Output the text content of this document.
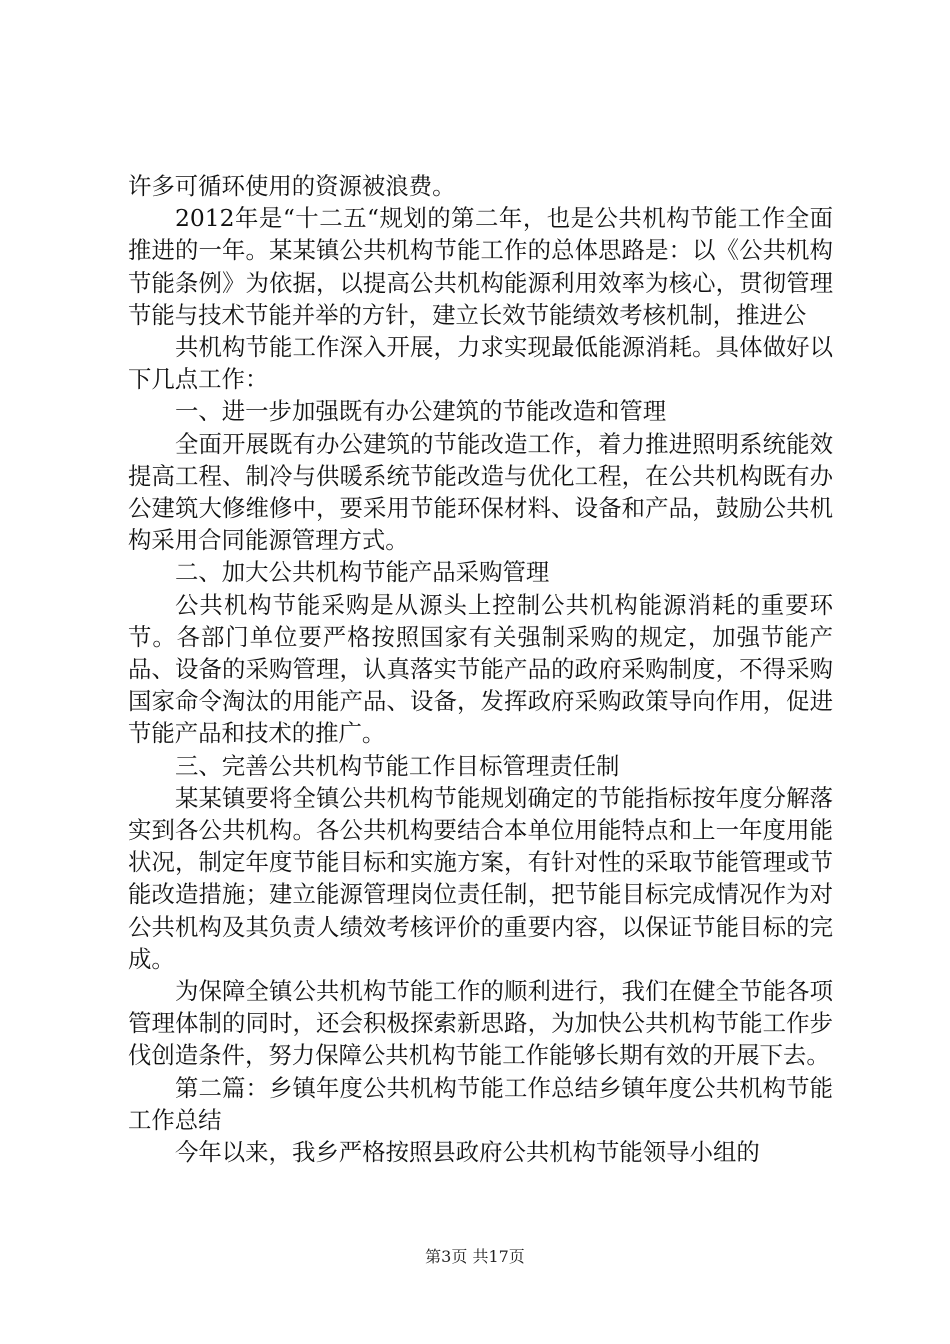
许多可循环使用的资源被浪费。

2012年是“十二五“规划的第二年，也是公共机构节能工作全面推进的一年。某某镇公共机构节能工作的总体思路是：以《公共机构节能条例》为依据，以提高公共机构能源利用效率为核心，贯彻管理节能与技术节能并举的方针，建立长效节能绩效考核机制，推进公

共机构节能工作深入开展，力求实现最低能源消耗。具体做好以下几点工作：

一、进一步加强既有办公建筑的节能改造和管理

全面开展既有办公建筑的节能改造工作，着力推进照明系统能效提高工程、制冷与供暖系统节能改造与优化工程，在公共机构既有办公建筑大修维修中，要采用节能环保材料、设备和产品，鼓励公共机构采用合同能源管理方式。

二、加大公共机构节能产品采购管理

公共机构节能采购是从源头上控制公共机构能源消耗的重要环节。各部门单位要严格按照国家有关强制采购的规定，加强节能产品、设备的采购管理，认真落实节能产品的政府采购制度，不得采购国家命令淘汰的用能产品、设备，发挥政府采购政策导向作用，促进节能产品和技术的推广。

三、完善公共机构节能工作目标管理责任制

某某镇要将全镇公共机构节能规划确定的节能指标按年度分解落实到各公共机构。各公共机构要结合本单位用能特点和上一年度用能状况，制定年度节能目标和实施方案，有针对性的采取节能管理或节能改造措施；建立能源管理岗位责任制，把节能目标完成情况作为对公共机构及其负责人绩效考核评价的重要内容，以保证节能目标的完成。

为保障全镇公共机构节能工作的顺利进行，我们在健全节能各项管理体制的同时，还会积极探索新思路，为加快公共机构节能工作步伐创造条件，努力保障公共机构节能工作能够长期有效的开展下去。

第二篇：乡镇年度公共机构节能工作总结乡镇年度公共机构节能工作总结

今年以来，我乡严格按照县政府公共机构节能领导小组的

第3页 共17页
